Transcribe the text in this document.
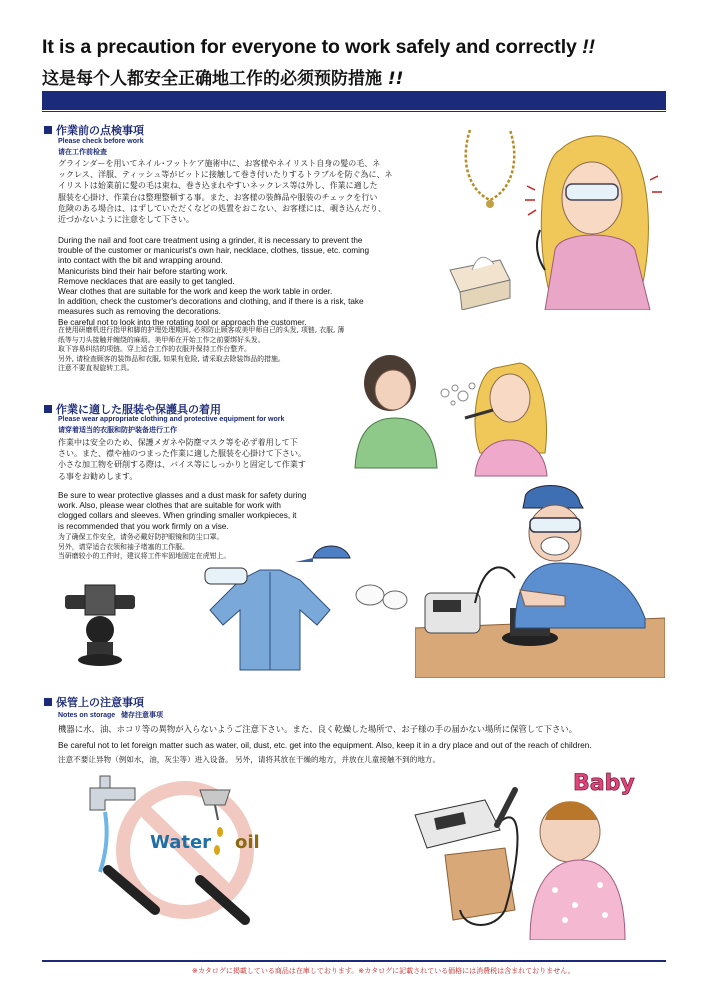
It is a precaution for everyone to work safely and correctly !!
这是每个人都安全正确地工作的必须预防措施 !!
作業前の点検事項
Please check before work
请在工作前检查
グラインダーを用いてネイル･フットケア施術中に、お客様やネイリスト自身の髪の毛、ネ
ックレス、洋服、ティッシュ等がビットに接触して巻き付いたりするトラブルを防ぐ為に、ネ
イリストは始業前に髪の毛は束ね、巻き込まれやすいネックレス等は外し、作業に適した
服装を心掛け、作業台は整理整頓する事。また、お客様の装飾品や服装のチェックを行い
危険のある場合は、はずしていただくなどの処置をおこない、お客様には、覗き込んだり、
近づかないように注意をして下さい。
During the nail and foot care treatment using a grinder, it is necessary to prevent the
trouble of the customer or manicurist's own hair, necklace, clothes, tissue, etc. coming
into contact with the bit and wrapping around.
Manicurists bind their hair before starting work.
Remove necklaces that are easily to get tangled.
Wear clothes that are suitable for the work and keep the work table in order.
In addition, check the customer's decorations and clothing, and if there is a risk, take
measures such as removing the decorations.
Be careful not to look into the rotating tool or approach the customer.
在使用研磨机进行指甲和脚的护理处理期间, 必须防止顾客或美甲师自己的头发, 项链, 衣服, 薄
纸等与刀头接触并缠绕的麻烦。美甲师在开始工作之前要绑好头发。
取下容易纠结的项链。穿上适合工作的衣服并保持工作台整齐。
另外, 请检查顾客的装饰品和衣服, 如果有危险, 请采取去除装饰品的措施。
注意不要直视旋转工具。
作業に適した服装や保護具の着用
Please wear appropriate clothing and protective equipment for work
请穿着适当的衣服和防护装备进行工作
作業中は安全のため、保護メガネや防塵マスク等を必ず着用して下
さい。また、襟や袖のつまった作業に適した服装を心掛けて下さい。
小さな加工物を研削する際は、バイス等にしっかりと固定して作業す
る事をお勧めします。
Be sure to wear protective glasses and a dust mask for safety during
work. Also, please wear clothes that are suitable for work with
clogged collars and sleeves. When grinding smaller workpieces, it
is recommended that you work firmly on a vise.
为了确保工作安全，请务必戴好防护眼镜和防尘口罩。
另外，请穿适合衣领和袖子堵塞的工作服。
当研磨较小的工件时，建议将工件牢固地固定在虎钳上。
保管上の注意事項
Notes on storage 储存注意事项
機器に水、油、ホコリ等の異物が入らないようご注意下さい。また、良く乾燥した場所で、お子様の手の届かない場所に保管して下さい。
Be careful not to let foreign matter such as water, oil, dust, etc. get into the equipment. Also, keep it in a dry place and out of the reach of children.
注意不要让异物（例如水，油，灰尘等）进入设备。 另外，请将其放在干燥的地方，并放在儿童接触不到的地方。
Water oil
Baby
※カタログに掲載している商品は在庫しております。※カタログに記載されている価格には消費税は含まれておりません。
